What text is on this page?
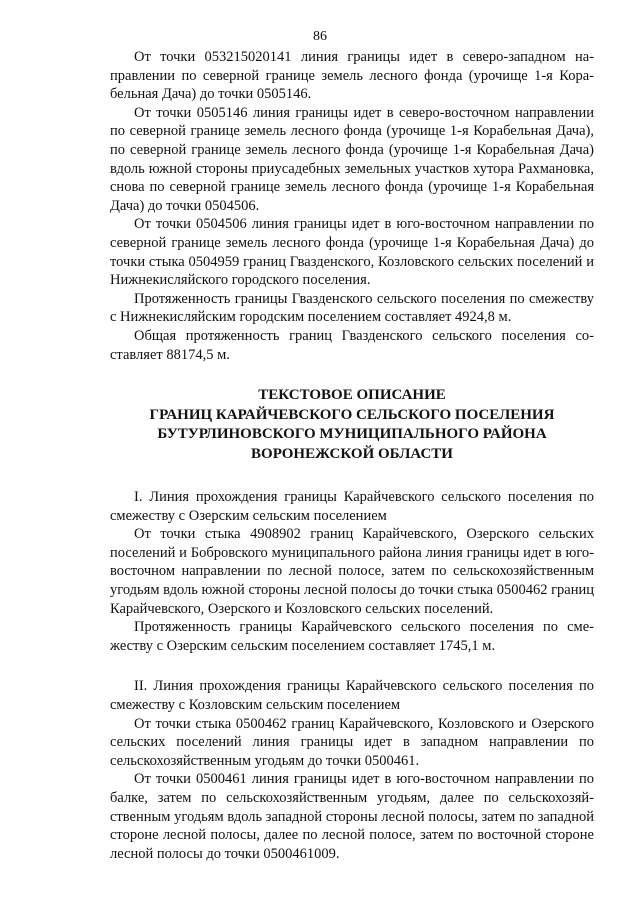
86

От точки 053215020141 линия границы идет в северо-западном направлении по северной границе земель лесного фонда (урочище 1-я Корабельная Дача) до точки 0505146.

От точки 0505146 линия границы идет в северо-восточном направлении по северной границе земель лесного фонда (урочище 1-я Корабельная Дача), по северной границе земель лесного фонда (урочище 1-я Корабельная Дача) вдоль южной стороны приусадебных земельных участков хутора Рахмановка, снова по северной границе земель лесного фонда (урочище 1-я Корабельная Дача) до точки 0504506.

От точки 0504506 линия границы идет в юго-восточном направлении по северной границе земель лесного фонда (урочище 1-я Корабельная Дача) до точки стыка 0504959 границ Гвазденского, Козловского сельских поселений и Нижнекисляйского городского поселения.

Протяженность границы Гвазденского сельского поселения по смежеству с Нижнекисляйским городским поселением составляет 4924,8 м.

Общая протяженность границ Гвазденского сельского поселения составляет 88174,5 м.

ТЕКСТОВОЕ ОПИСАНИЕ
ГРАНИЦ КАРАЙЧЕВСКОГО СЕЛЬСКОГО ПОСЕЛЕНИЯ
БУТУРЛИНОВСКОГО МУНИЦИПАЛЬНОГО РАЙОНА
ВОРОНЕЖСКОЙ ОБЛАСТИ

I. Линия прохождения границы Карайчевского сельского поселения по смежеству с Озерским сельским поселением

От точки стыка 4908902 границ Карайчевского, Озерского сельских поселений и Бобровского муниципального района линия границы идет в юго-восточном направлении по лесной полосе, затем по сельскохозяйственным угодьям вдоль южной стороны лесной полосы до точки стыка 0500462 границ Карайчевского, Озерского и Козловского сельских поселений.

Протяженность границы Карайчевского сельского поселения по смежеству с Озерским сельским поселением составляет 1745,1 м.

II. Линия прохождения границы Карайчевского сельского поселения по смежеству с Козловским сельским поселением

От точки стыка 0500462 границ Карайчевского, Козловского и Озерского сельских поселений линия границы идет в западном направлении по сельскохозяйственным угодьям до точки 0500461.

От точки 0500461 линия границы идет в юго-восточном направлении по балке, затем по сельскохозяйственным угодьям, далее по сельскохозяйственным угодьям вдоль западной стороны лесной полосы, затем по западной стороне лесной полосы, далее по лесной полосе, затем по восточной стороне лесной полосы до точки 0500461009.
